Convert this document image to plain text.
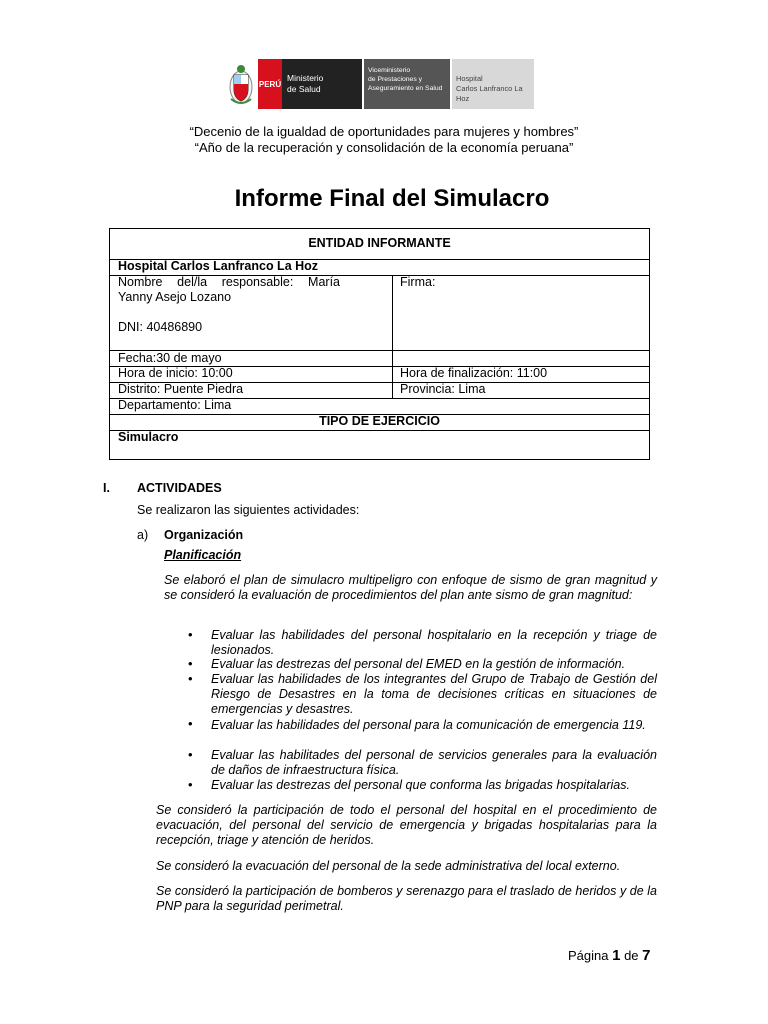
PERÚ
Ministerio
de Salud
Viceministerio
de Prestaciones y
Aseguramiento en Salud
Hospital
Carlos Lanfranco La Hoz
“Decenio de la igualdad de oportunidades para mujeres y hombres”
“Año de la recuperación y consolidación de la economía peruana”
Informe Final del Simulacro
ENTIDAD INFORMANTE
Hospital Carlos Lanfranco La Hoz
Nombre del/la responsable: María
Yanny Asejo Lozano
DNI: 40486890
Firma:
Fecha:30 de mayo
Hora de inicio: 10:00	Hora de finalización: 11:00
Distrito: Puente Piedra	Provincia: Lima
Departamento: Lima
TIPO DE EJERCICIO
Simulacro
I. ACTIVIDADES
Se realizaron las siguientes actividades:
a) Organización
Planificación
Se elaboró el plan de simulacro multipeligro con enfoque de sismo de gran magnitud y se consideró la evaluación de procedimientos del plan ante sismo de gran magnitud:
• Evaluar las habilidades del personal hospitalario en la recepción y triage de lesionados.
• Evaluar las destrezas del personal del EMED en la gestión de información.
• Evaluar las habilidades de los integrantes del Grupo de Trabajo de Gestión del Riesgo de Desastres en la toma de decisiones críticas en situaciones de emergencias y desastres.
• Evaluar las habilidades del personal para la comunicación de emergencia 119.
• Evaluar las habilitades del personal de servicios generales para la evaluación de daños de infraestructura física.
• Evaluar las destrezas del personal que conforma las brigadas hospitalarias.
Se consideró la participación de todo el personal del hospital en el procedimiento de evacuación, del personal del servicio de emergencia y brigadas hospitalarias para la recepción, triage y atención de heridos.
Se consideró la evacuación del personal de la sede administrativa del local externo.
Se consideró la participación de bomberos y serenazgo para el traslado de heridos y de la PNP para la seguridad perimetral.
Página 1 de 7
